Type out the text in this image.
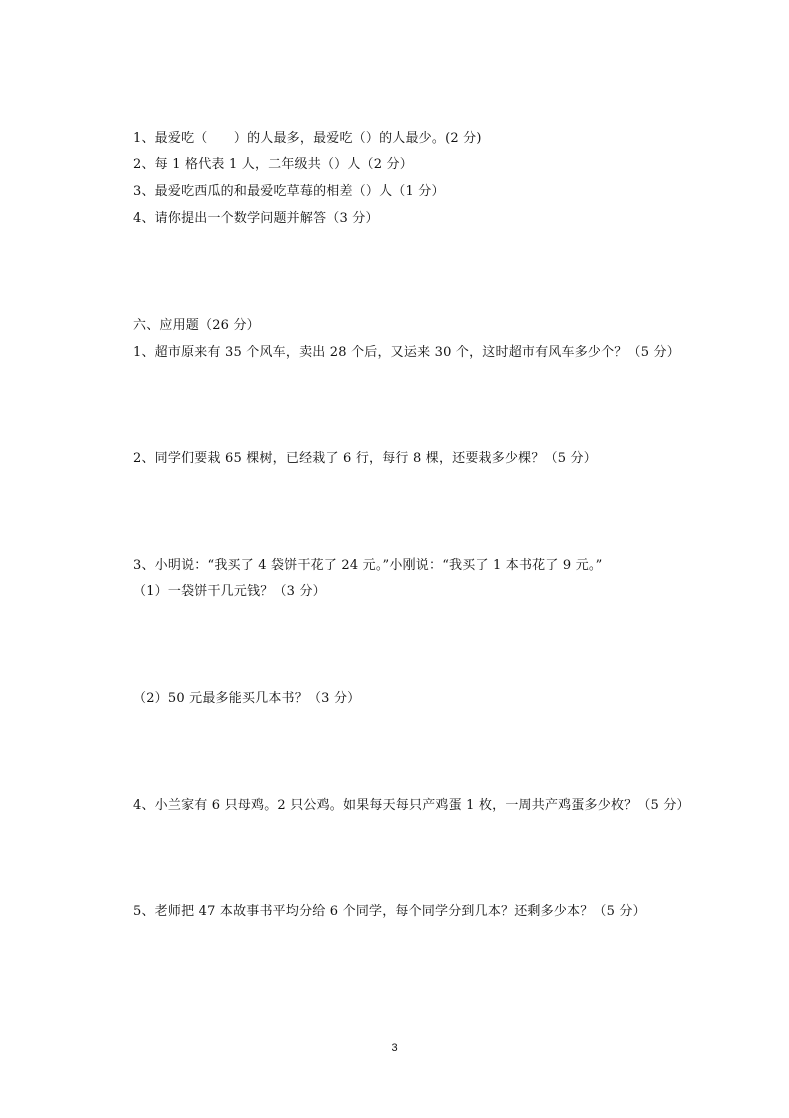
1、最爱吃（　　）的人最多，最爱吃（）的人最少。(2 分)
2、每 1 格代表 1 人，二年级共（）人（2 分）
3、最爱吃西瓜的和最爱吃草莓的相差（）人（1 分）
4、请你提出一个数学问题并解答（3 分）
六、应用题（26 分）
1、超市原来有 35 个风车，卖出 28 个后，又运来 30 个，这时超市有风车多少个？（5 分）
2、同学们要栽 65 棵树，已经栽了 6 行，每行 8 棵，还要栽多少棵？（5 分）
3、小明说：“我买了 4 袋饼干花了 24 元。”小刚说：“我买了 1 本书花了 9 元。”
（1）一袋饼干几元钱？（3 分）
（2）50 元最多能买几本书？（3 分）
4、小兰家有 6 只母鸡。2 只公鸡。如果每天每只产鸡蛋 1 枚，一周共产鸡蛋多少枚？（5 分）
5、老师把 47 本故事书平均分给 6 个同学，每个同学分到几本？还剩多少本？（5 分）
3
